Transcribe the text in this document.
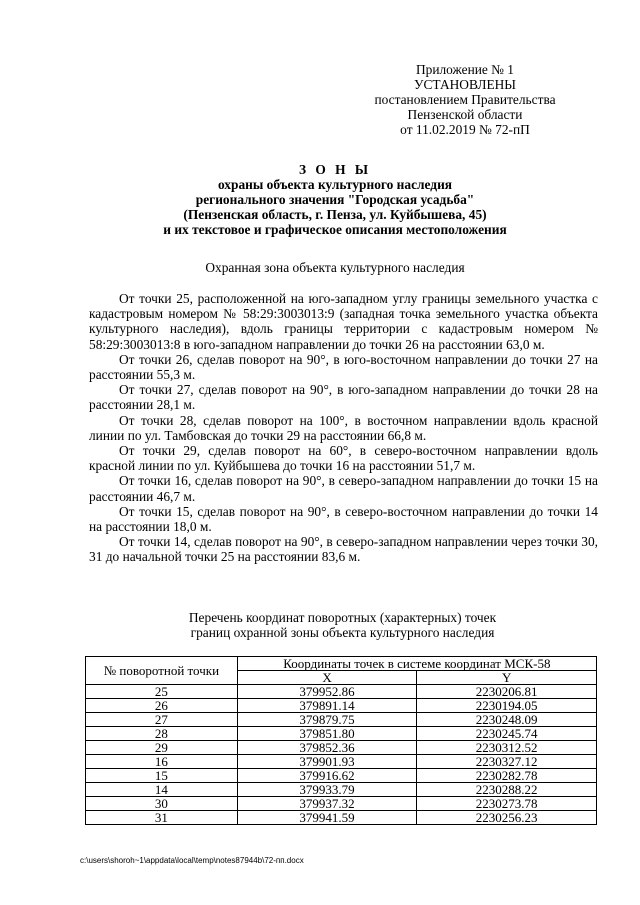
Приложение № 1
УСТАНОВЛЕНЫ
постановлением Правительства
Пензенской области
от 11.02.2019 № 72-пП
З О Н Ы
охраны объекта культурного наследия
регионального значения "Городская усадьба"
(Пензенская область, г. Пенза, ул. Куйбышева, 45)
и их текстовое и графическое описания местоположения
Охранная зона объекта культурного наследия

От точки 25, расположенной на юго-западном углу границы земельного участка с кадастровым номером № 58:29:3003013:9 (западная точка земельного участка объекта культурного наследия), вдоль границы территории с кадастровым номером № 58:29:3003013:8 в юго-западном направлении до точки 26 на расстоянии 63,0 м.

От точки 26, сделав поворот на 90°, в юго-восточном направлении до точки 27 на расстоянии 55,3 м.

От точки 27, сделав поворот на 90°, в юго-западном направлении до точки 28 на расстоянии 28,1 м.

От точки 28, сделав поворот на 100°, в восточном направлении вдоль красной линии по ул. Тамбовская до точки 29 на расстоянии 66,8 м.

От точки 29, сделав поворот на 60°, в северо-восточном направлении вдоль красной линии по ул. Куйбышева до точки 16 на расстоянии 51,7 м.

От точки 16, сделав поворот на 90°, в северо-западном направлении до точки 15 на расстоянии 46,7 м.

От точки 15, сделав поворот на 90°, в северо-восточном направлении до точки 14 на расстоянии 18,0 м.

От точки 14, сделав поворот на 90°, в северо-западном направлении через точки 30, 31 до начальной точки 25 на расстоянии 83,6 м.

Перечень координат поворотных (характерных) точек
границ охранной зоны объекта культурного наследия
№ поворотной точки	Координаты точек в системе координат МСК-58	
	X	Y
25	379952.86	2230206.81
26	379891.14	2230194.05
27	379879.75	2230248.09
28	379851.80	2230245.74
29	379852.36	2230312.52
16	379901.93	2230327.12
15	379916.62	2230282.78
14	379933.79	2230288.22
30	379937.32	2230273.78
31	379941.59	2230256.23
c:\users\shoroh~1\appdata\local\temp\notes87944b\72-пп.docx
